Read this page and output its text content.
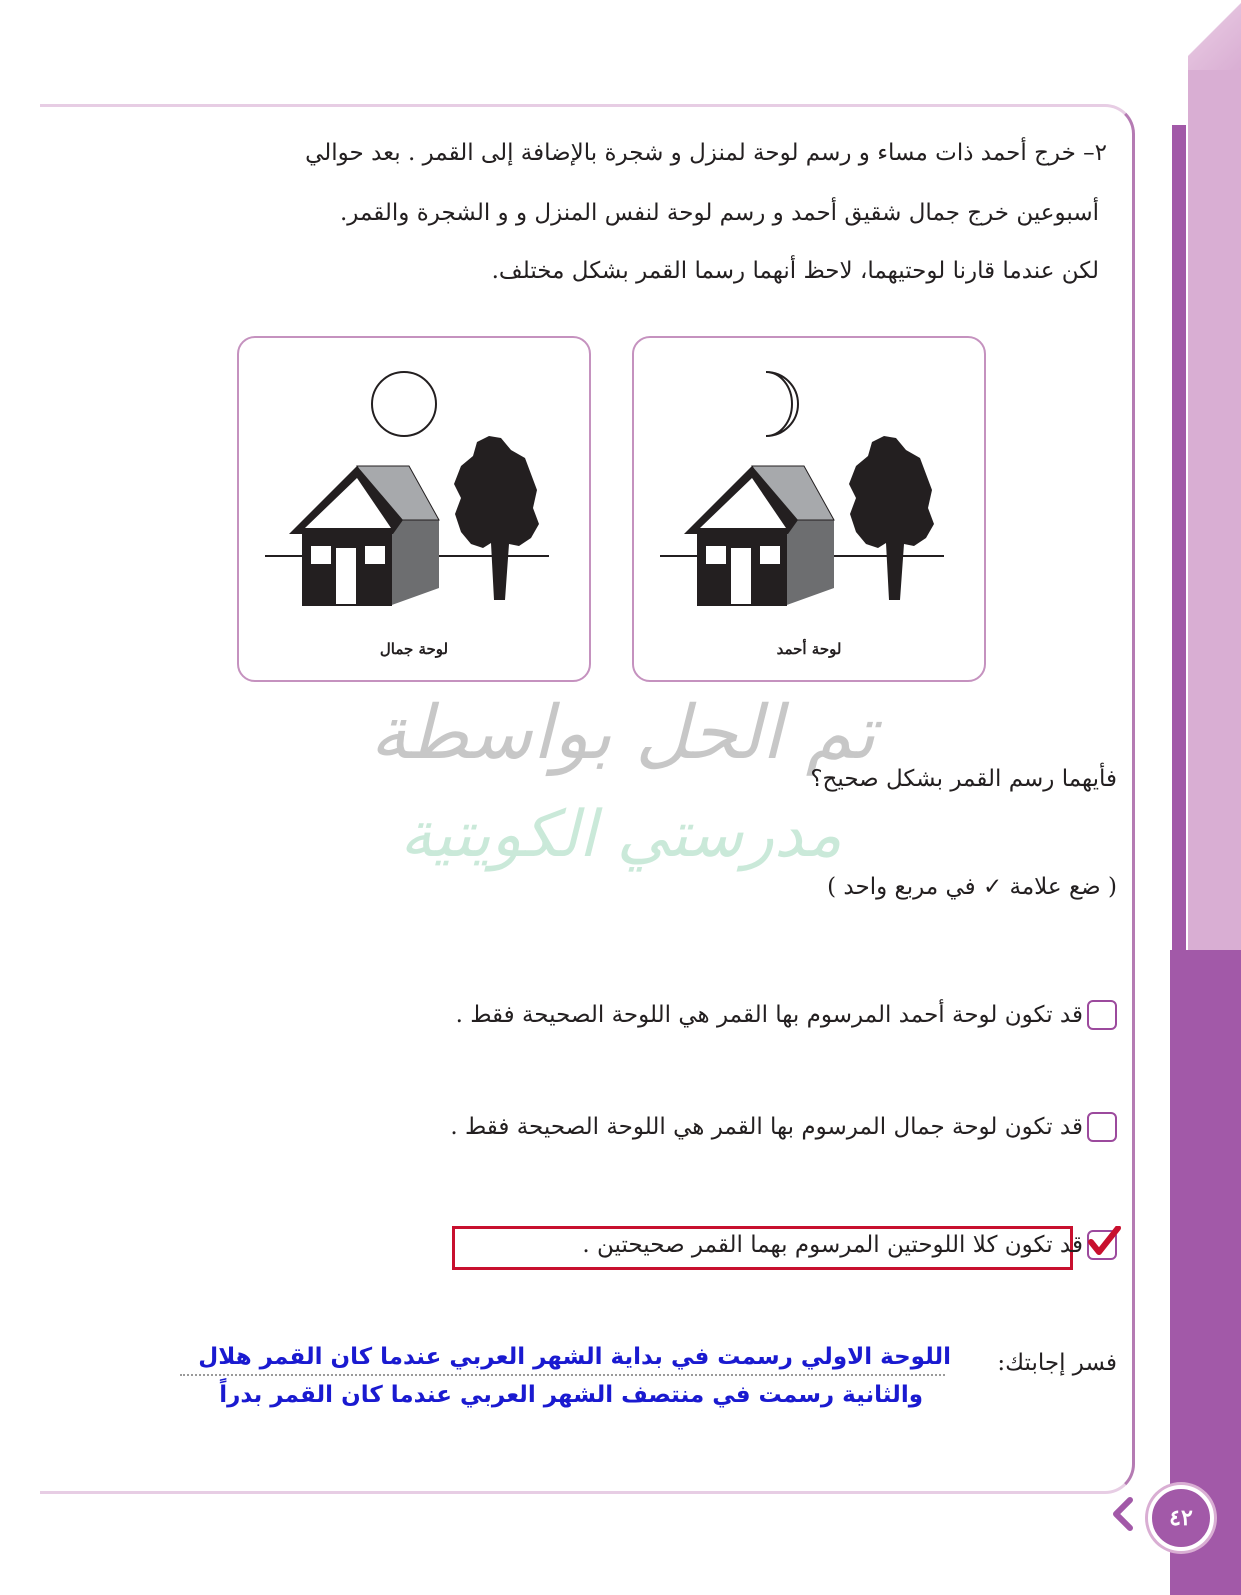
٢– خرج أحمد ذات مساء و رسم لوحة لمنزل و شجرة بالإضافة إلى القمر . بعد حوالي
أسبوعين خرج جمال شقيق أحمد و رسم لوحة لنفس المنزل و و الشجرة والقمر.
لكن عندما قارنا لوحتيهما، لاحظ أنهما رسما القمر بشكل مختلف.
لوحة جمال	لوحة أحمد
تم الحل بواسطة
مدرستي الكويتية
فأيهما رسم القمر بشكل صحيح؟
( ضع علامة ✓ في مربع واحد )
قد تكون لوحة أحمد المرسوم بها القمر هي اللوحة الصحيحة فقط .
قد تكون لوحة جمال المرسوم بها القمر هي اللوحة الصحيحة فقط .
قد تكون كلا اللوحتين المرسوم بهما القمر صحيحتين .
فسر إجابتك:
اللوحة الاولي رسمت في بداية الشهر العربي عندما كان القمر هلال
والثانية رسمت في منتصف الشهر العربي عندما كان القمر بدراً
٤٢
